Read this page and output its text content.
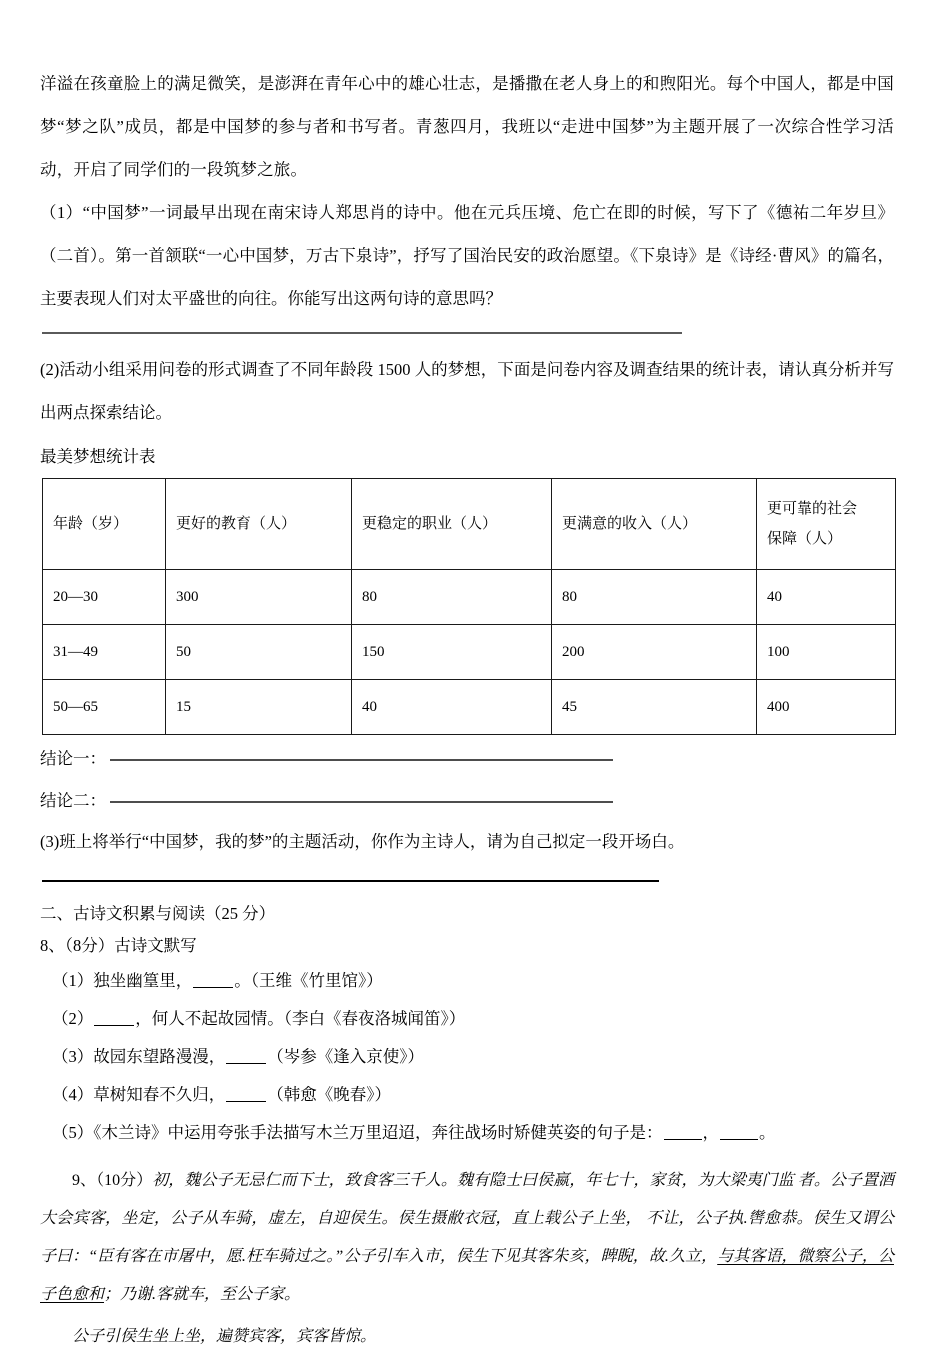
洋溢在孩童脸上的满足微笑，是澎湃在青年心中的雄心壮志，是播撒在老人身上的和煦阳光。每个中国人，都是中国梦“梦之队”成员，都是中国梦的参与者和书写者。青葱四月，我班以“走进中国梦”为主题开展了一次综合性学习活动，开启了同学们的一段筑梦之旅。

（1）“中国梦”一词最早出现在南宋诗人郑思肖的诗中。他在元兵压境、危亡在即的时候，写下了《德祐二年岁旦》（二首）。第一首颔联“一心中国梦，万古下泉诗”，抒写了国治民安的政治愿望。《下泉诗》是《诗经·曹风》的篇名，主要表现人们对太平盛世的向往。你能写出这两句诗的意思吗？

(2)活动小组采用问卷的形式调查了不同年龄段 1500 人的梦想，下面是问卷内容及调查结果的统计表，请认真分析并写出两点探索结论。

最美梦想统计表
年龄（岁）	更好的教育（人）	更稳定的职业（人）	更满意的收入（人）	更可靠的社会
保障（人）

20—30	300	80	80	40
31—49	50	150	200	100
50—65	15	40	45	400
结论一：
结论二：

(3)班上将举行“中国梦，我的梦”的主题活动，你作为主诗人，请为自己拟定一段开场白。

二、古诗文积累与阅读（25 分）
8、（8分）古诗文默写

（1）独坐幽篁里，	。（王维《竹里馆》）

（2）	，何人不起故园情。（李白《春夜洛城闻笛》）

（3）故园东望路漫漫，	（岑参《逢入京使》）

（4）草树知春不久归，	（韩愈《晚春》）

（5）《木兰诗》中运用夸张手法描写木兰万里迢迢，奔往战场时矫健英姿的句子是： ， 。

9、（10分）初，魏公子无忌仁而下士，致食客三千人。魏有隐士曰侯嬴，年七十，家贫，为大梁夷门监 者。公子置酒大会宾客，坐定，公子从车骑，虚左，自迎侯生。侯生摄敝衣冠，直上载公子上坐， 不让，公子执.辔愈恭。侯生又谓公子曰：“臣有客在市屠中，愿.枉车骑过之。”公子引车入市，侯生下见其客朱亥，睥睨，故.久立，与其客语，微察公子，公子色愈和；乃谢.客就车，至公子家。

公子引侯生坐上坐，遍赞宾客，宾客皆惊。
